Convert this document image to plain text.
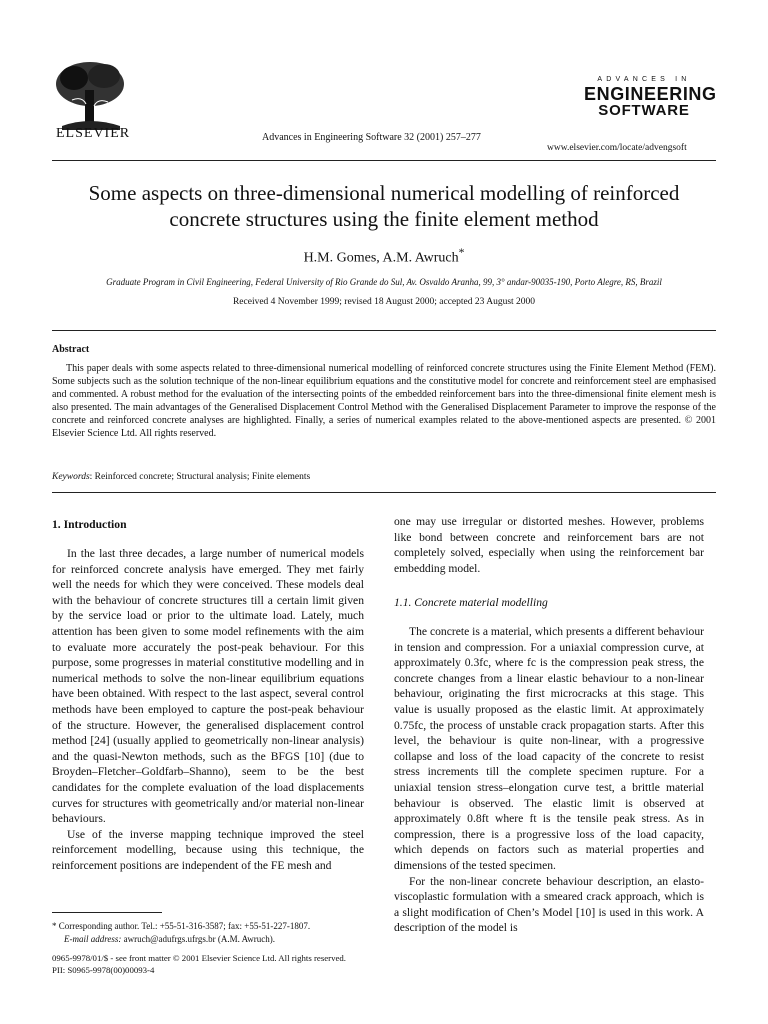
ELSEVIER	Advances in Engineering Software 32 (2001) 257–277
ADVANCES IN
ENGINEERING
SOFTWARE
www.elsevier.com/locate/advengsoft
Some aspects on three-dimensional numerical modelling of reinforced
concrete structures using the finite element method
H.M. Gomes, A.M. Awruch*
Graduate Program in Civil Engineering, Federal University of Rio Grande do Sul, Av. Osvaldo Aranha, 99, 3° andar-90035-190, Porto Alegre, RS, Brazil
Received 4 November 1999; revised 18 August 2000; accepted 23 August 2000
Abstract
This paper deals with some aspects related to three-dimensional numerical modelling of reinforced concrete structures using the Finite Element Method (FEM). Some subjects such as the solution technique of the non-linear equilibrium equations and the constitutive model for concrete and reinforcement steel are emphasised and commented. A robust method for the evaluation of the intersecting points of the embedded reinforcement bars into the three-dimensional finite element mesh is also presented. The main advantages of the Generalised Displacement Control Method with the Generalised Displacement Parameter to improve the response of the concrete and reinforced concrete analyses are highlighted. Finally, a series of numerical examples related to the above-mentioned aspects are presented. © 2001 Elsevier Science Ltd. All rights reserved.
Keywords: Reinforced concrete; Structural analysis; Finite elements
1. Introduction

In the last three decades, a large number of numerical models for reinforced concrete analysis have emerged. They met fairly well the needs for which they were conceived. These models deal with the behaviour of concrete structures till a certain limit given by the service load or prior to the ultimate load. Lately, much attention has been given to some model refinements with the aim to evaluate more accurately the post-peak behaviour. For this purpose, some progresses in material constitutive modelling and in numerical methods to solve the non-linear equilibrium equations have been obtained. With respect to the last aspect, several control methods have been employed to capture the post-peak behaviour of the structure. However, the generalised displacement control method [24] (usually applied to geometrically non-linear analysis) and the quasi-Newton methods, such as the BFGS [10] (due to Broyden–Fletcher–Goldfarb–Shanno), seem to be the best candidates for the complete evaluation of the load displacements curves for structures with geometrically and/or material non-linear behaviours.

Use of the inverse mapping technique improved the steel reinforcement modelling, because using this technique, the reinforcement positions are independent of the FE mesh and

one may use irregular or distorted meshes. However, problems like bond between concrete and reinforcement bars are not completely solved, especially when using the reinforcement bar embedding model.

1.1. Concrete material modelling

The concrete is a material, which presents a different behaviour in tension and compression. For a uniaxial compression curve, at approximately 0.3fc, where fc is the compression peak stress, the concrete changes from a linear elastic behaviour to a non-linear behaviour, originating the first microcracks at this stage. This value is usually proposed as the elastic limit. At approximately 0.75fc, the process of unstable crack propagation starts. After this level, the behaviour is quite non-linear, with a progressive collapse and loss of the load capacity of the concrete to resist stress increments till the complete specimen rupture. For a uniaxial tension stress–elongation curve test, a brittle material behaviour is observed. The elastic limit is observed at approximately 0.8ft where ft is the tensile peak stress. As in compression, there is a progressive loss of the load capacity, which depends on factors such as material properties and dimensions of the tested specimen.

For the non-linear concrete behaviour description, an elasto-viscoplastic formulation with a smeared crack approach, which is a slight modification of Chen’s Model [10] is used in this work. A description of the model is

* Corresponding author. Tel.: +55-51-316-3587; fax: +55-51-227-1807.
E-mail address: awruch@adufrgs.ufrgs.br (A.M. Awruch).
0965-9978/01/$ - see front matter © 2001 Elsevier Science Ltd. All rights reserved.
PII: S0965-9978(00)00093-4
